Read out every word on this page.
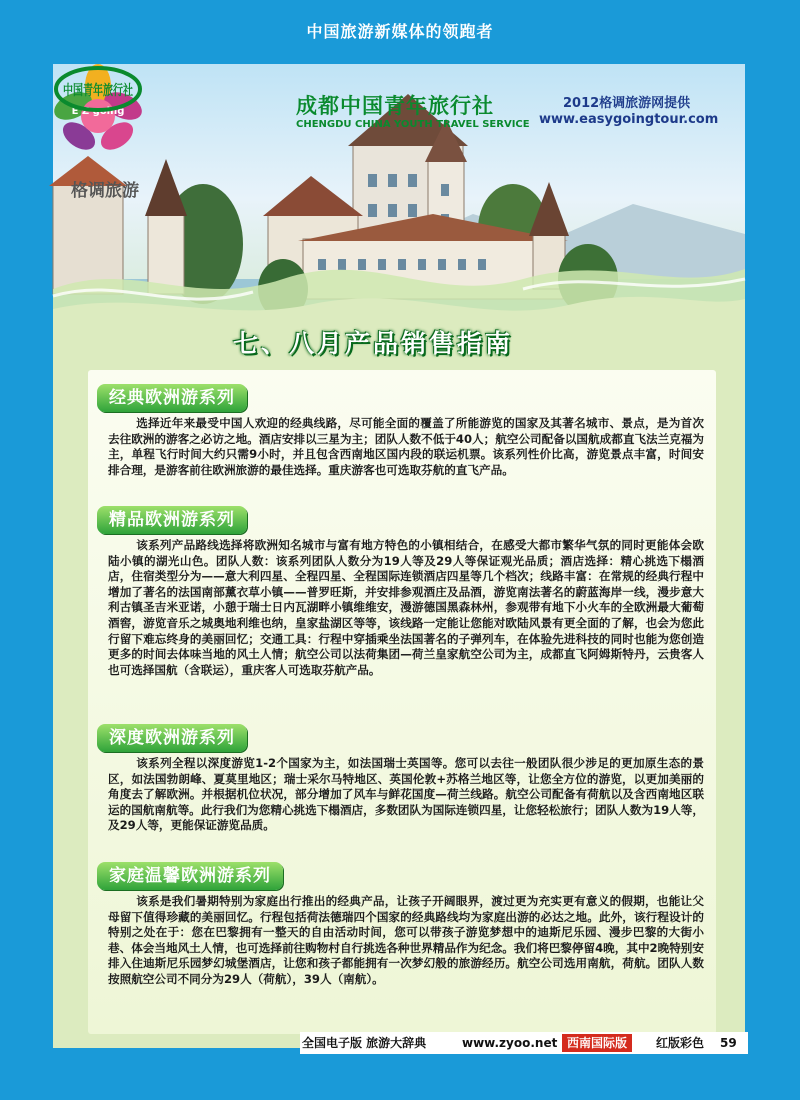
中国旅游新媒体的领跑者
E Z going
格调旅游
中国青年旅行社
成都中国青年旅行社
CHENGDU CHINA YOUTH TRAVEL SERVICE
2012格调旅游网提供
www.easygoingtour.com
七、八月产品销售指南
经典欧洲游系列
选择近年来最受中国人欢迎的经典线路，尽可能全面的覆盖了所能游览的国家及其著名城市、景点，是为首次去往欧洲的游客之必访之地。酒店安排以三星为主；团队人数不低于40人；航空公司配备以国航成都直飞法兰克福为主，单程飞行时间大约只需9小时，并且包含西南地区国内段的联运机票。该系列性价比高，游览景点丰富，时间安排合理，是游客前往欧洲旅游的最佳选择。重庆游客也可选取芬航的直飞产品。
精品欧洲游系列
该系列产品路线选择将欧洲知名城市与富有地方特色的小镇相结合，在感受大都市繁华气氛的同时更能体会欧陆小镇的湖光山色。团队人数：该系列团队人数分为19人等及29人等保证观光品质；酒店选择：精心挑选下榻酒店，住宿类型分为——意大利四星、全程四星、全程国际连锁酒店四星等几个档次；线路丰富：在常规的经典行程中增加了著名的法国南部薰衣草小镇——普罗旺斯，并安排参观酒庄及品酒，游览南法著名的蔚蓝海岸一线，漫步意大利古镇圣吉米亚诺，小憩于瑞士日内瓦湖畔小镇维维安，漫游德国黑森林州，参观带有地下小火车的全欧洲最大葡萄酒窖，游览音乐之城奥地利维也纳，皇家盐湖区等等，该线路一定能让您能对欧陆风景有更全面的了解，也会为您此行留下难忘终身的美丽回忆；交通工具：行程中穿插乘坐法国著名的子弹列车，在体验先进科技的同时也能为您创造更多的时间去体味当地的风土人情；航空公司以法荷集团—荷兰皇家航空公司为主，成都直飞阿姆斯特丹，云贵客人也可选择国航（含联运），重庆客人可选取芬航产品。
深度欧洲游系列
该系列全程以深度游览1-2个国家为主，如法国瑞士英国等。您可以去往一般团队很少涉足的更加原生态的景区，如法国勃朗峰、夏莫里地区；瑞士采尔马特地区、英国伦敦+苏格兰地区等，让您全方位的游览，以更加美丽的角度去了解欧洲。并根据机位状况，部分增加了风车与鲜花国度—荷兰线路。航空公司配备有荷航以及含西南地区联运的国航南航等。此行我们为您精心挑选下榻酒店，多数团队为国际连锁四星，让您轻松旅行；团队人数为19人等，及29人等，更能保证游览品质。
家庭温馨欧洲游系列
该系是我们暑期特别为家庭出行推出的经典产品，让孩子开阔眼界，渡过更为充实更有意义的假期，也能让父母留下值得珍藏的美丽回忆。行程包括荷法德瑞四个国家的经典路线均为家庭出游的必达之地。此外，该行程设计的特别之处在于：您在巴黎拥有一整天的自由活动时间，您可以带孩子游览梦想中的迪斯尼乐园、漫步巴黎的大街小巷、体会当地风土人情，也可选择前往购物村自行挑选各种世界精品作为纪念。我们将巴黎停留4晚，其中2晚特别安排入住迪斯尼乐园梦幻城堡酒店，让您和孩子都能拥有一次梦幻般的旅游经历。航空公司选用南航，荷航。团队人数按照航空公司不同分为29人（荷航），39人（南航）。
全国电子版 旅游大辞典	www.zyoo.net 西南国际版	红版彩色 59
